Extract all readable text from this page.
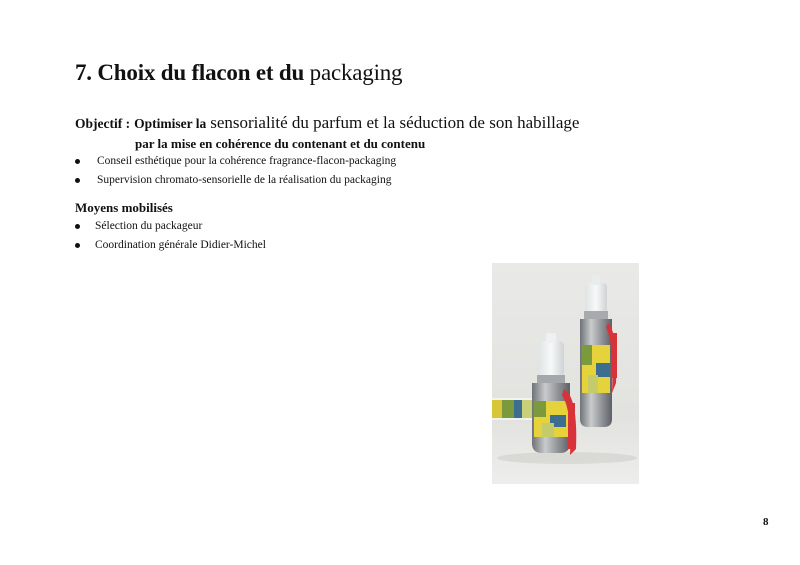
7. Choix du flacon et du packaging
Objectif : Optimiser la sensorialité du parfum et la séduction de son habillage
par la mise en cohérence du contenant et du contenu
Conseil esthétique pour la cohérence fragrance-flacon-packaging
Supervision chromato-sensorielle de la réalisation du packaging
Moyens mobilisés
Sélection du packageur
Coordination générale Didier-Michel
8
